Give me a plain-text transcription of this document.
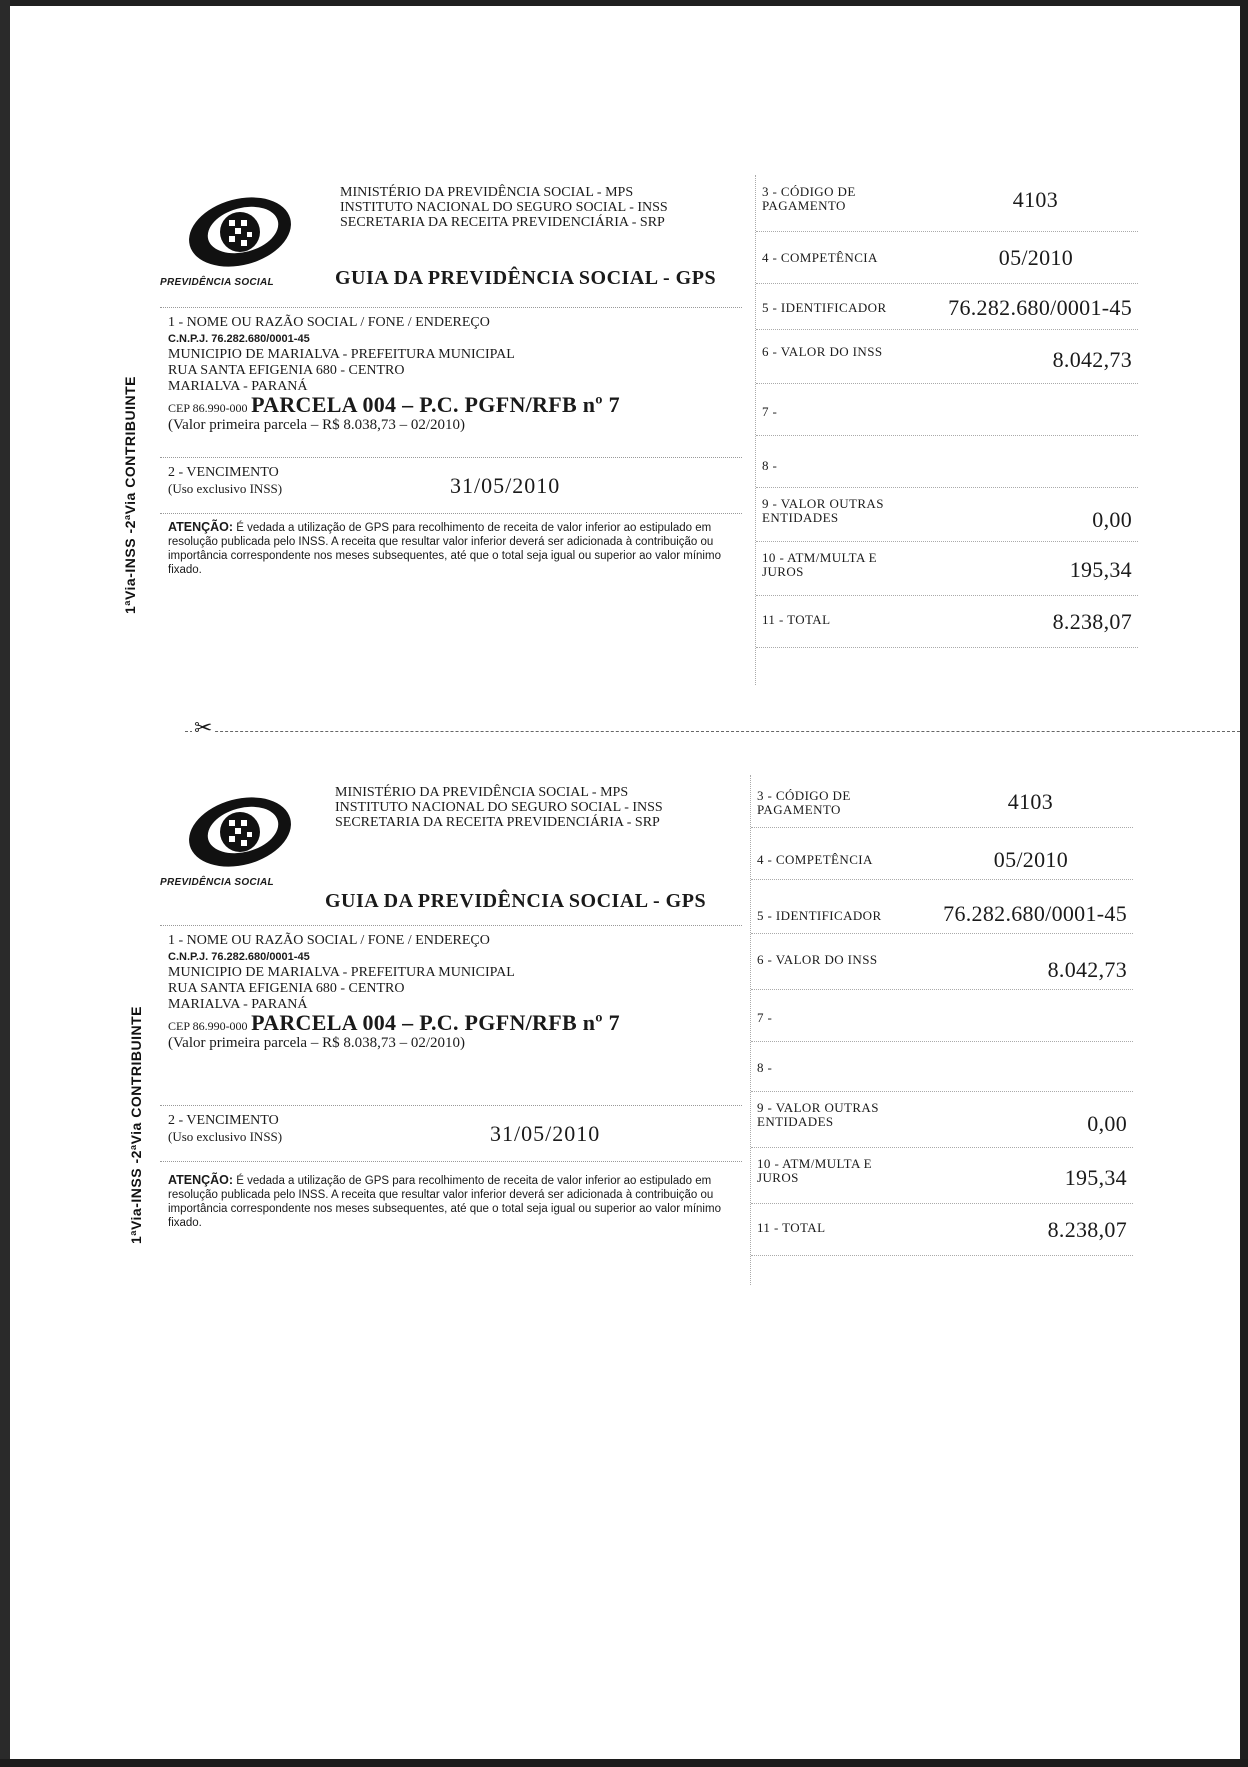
1ªVia-INSS -2ªVia CONTRIBUINTE
PREVIDÊNCIA SOCIAL
MINISTÉRIO DA PREVIDÊNCIA SOCIAL - MPS
INSTITUTO NACIONAL DO SEGURO SOCIAL - INSS
SECRETARIA DA RECEITA PREVIDENCIÁRIA - SRP
GUIA DA PREVIDÊNCIA SOCIAL - GPS
1 - NOME OU RAZÃO SOCIAL / FONE / ENDEREÇO
C.N.P.J. 76.282.680/0001-45
MUNICIPIO DE MARIALVA - PREFEITURA MUNICIPAL
RUA SANTA EFIGENIA 680 - CENTRO
MARIALVA - PARANÁ
CEP 86.990-000 PARCELA 004 – P.C. PGFN/RFB nº 7
(Valor primeira parcela – R$ 8.038,73 – 02/2010)
2 - VENCIMENTO
(Uso exclusivo INSS)	31/05/2010
ATENÇÃO: É vedada a utilização de GPS para recolhimento de receita de valor inferior ao estipulado em resolução publicada pelo INSS. A receita que resultar valor inferior deverá ser adicionada à contribuição ou importância correspondente nos meses subsequentes, até que o total seja igual ou superior ao valor mínimo fixado.
3 - CÓDIGO DE PAGAMENTO	4103
4 - COMPETÊNCIA	05/2010
5 - IDENTIFICADOR	76.282.680/0001-45
6 - VALOR DO INSS	8.042,73
7 -
8 -
9 - VALOR OUTRAS ENTIDADES	0,00
10 - ATM/MULTA E JUROS	195,34
11 - TOTAL	8.238,07
✂
1ªVia-INSS -2ªVia CONTRIBUINTE
PREVIDÊNCIA SOCIAL
MINISTÉRIO DA PREVIDÊNCIA SOCIAL - MPS
INSTITUTO NACIONAL DO SEGURO SOCIAL - INSS
SECRETARIA DA RECEITA PREVIDENCIÁRIA - SRP
GUIA DA PREVIDÊNCIA SOCIAL - GPS
1 - NOME OU RAZÃO SOCIAL / FONE / ENDEREÇO
C.N.P.J. 76.282.680/0001-45
MUNICIPIO DE MARIALVA - PREFEITURA MUNICIPAL
RUA SANTA EFIGENIA 680 - CENTRO
MARIALVA - PARANÁ
CEP 86.990-000 PARCELA 004 – P.C. PGFN/RFB nº 7
(Valor primeira parcela – R$ 8.038,73 – 02/2010)
2 - VENCIMENTO
(Uso exclusivo INSS)	31/05/2010
ATENÇÃO: É vedada a utilização de GPS para recolhimento de receita de valor inferior ao estipulado em resolução publicada pelo INSS. A receita que resultar valor inferior deverá ser adicionada à contribuição ou importância correspondente nos meses subsequentes, até que o total seja igual ou superior ao valor mínimo fixado.
3 - CÓDIGO DE PAGAMENTO	4103
4 - COMPETÊNCIA	05/2010
5 - IDENTIFICADOR	76.282.680/0001-45
6 - VALOR DO INSS	8.042,73
7 -
8 -
9 - VALOR OUTRAS ENTIDADES	0,00
10 - ATM/MULTA E JUROS	195,34
11 - TOTAL	8.238,07
